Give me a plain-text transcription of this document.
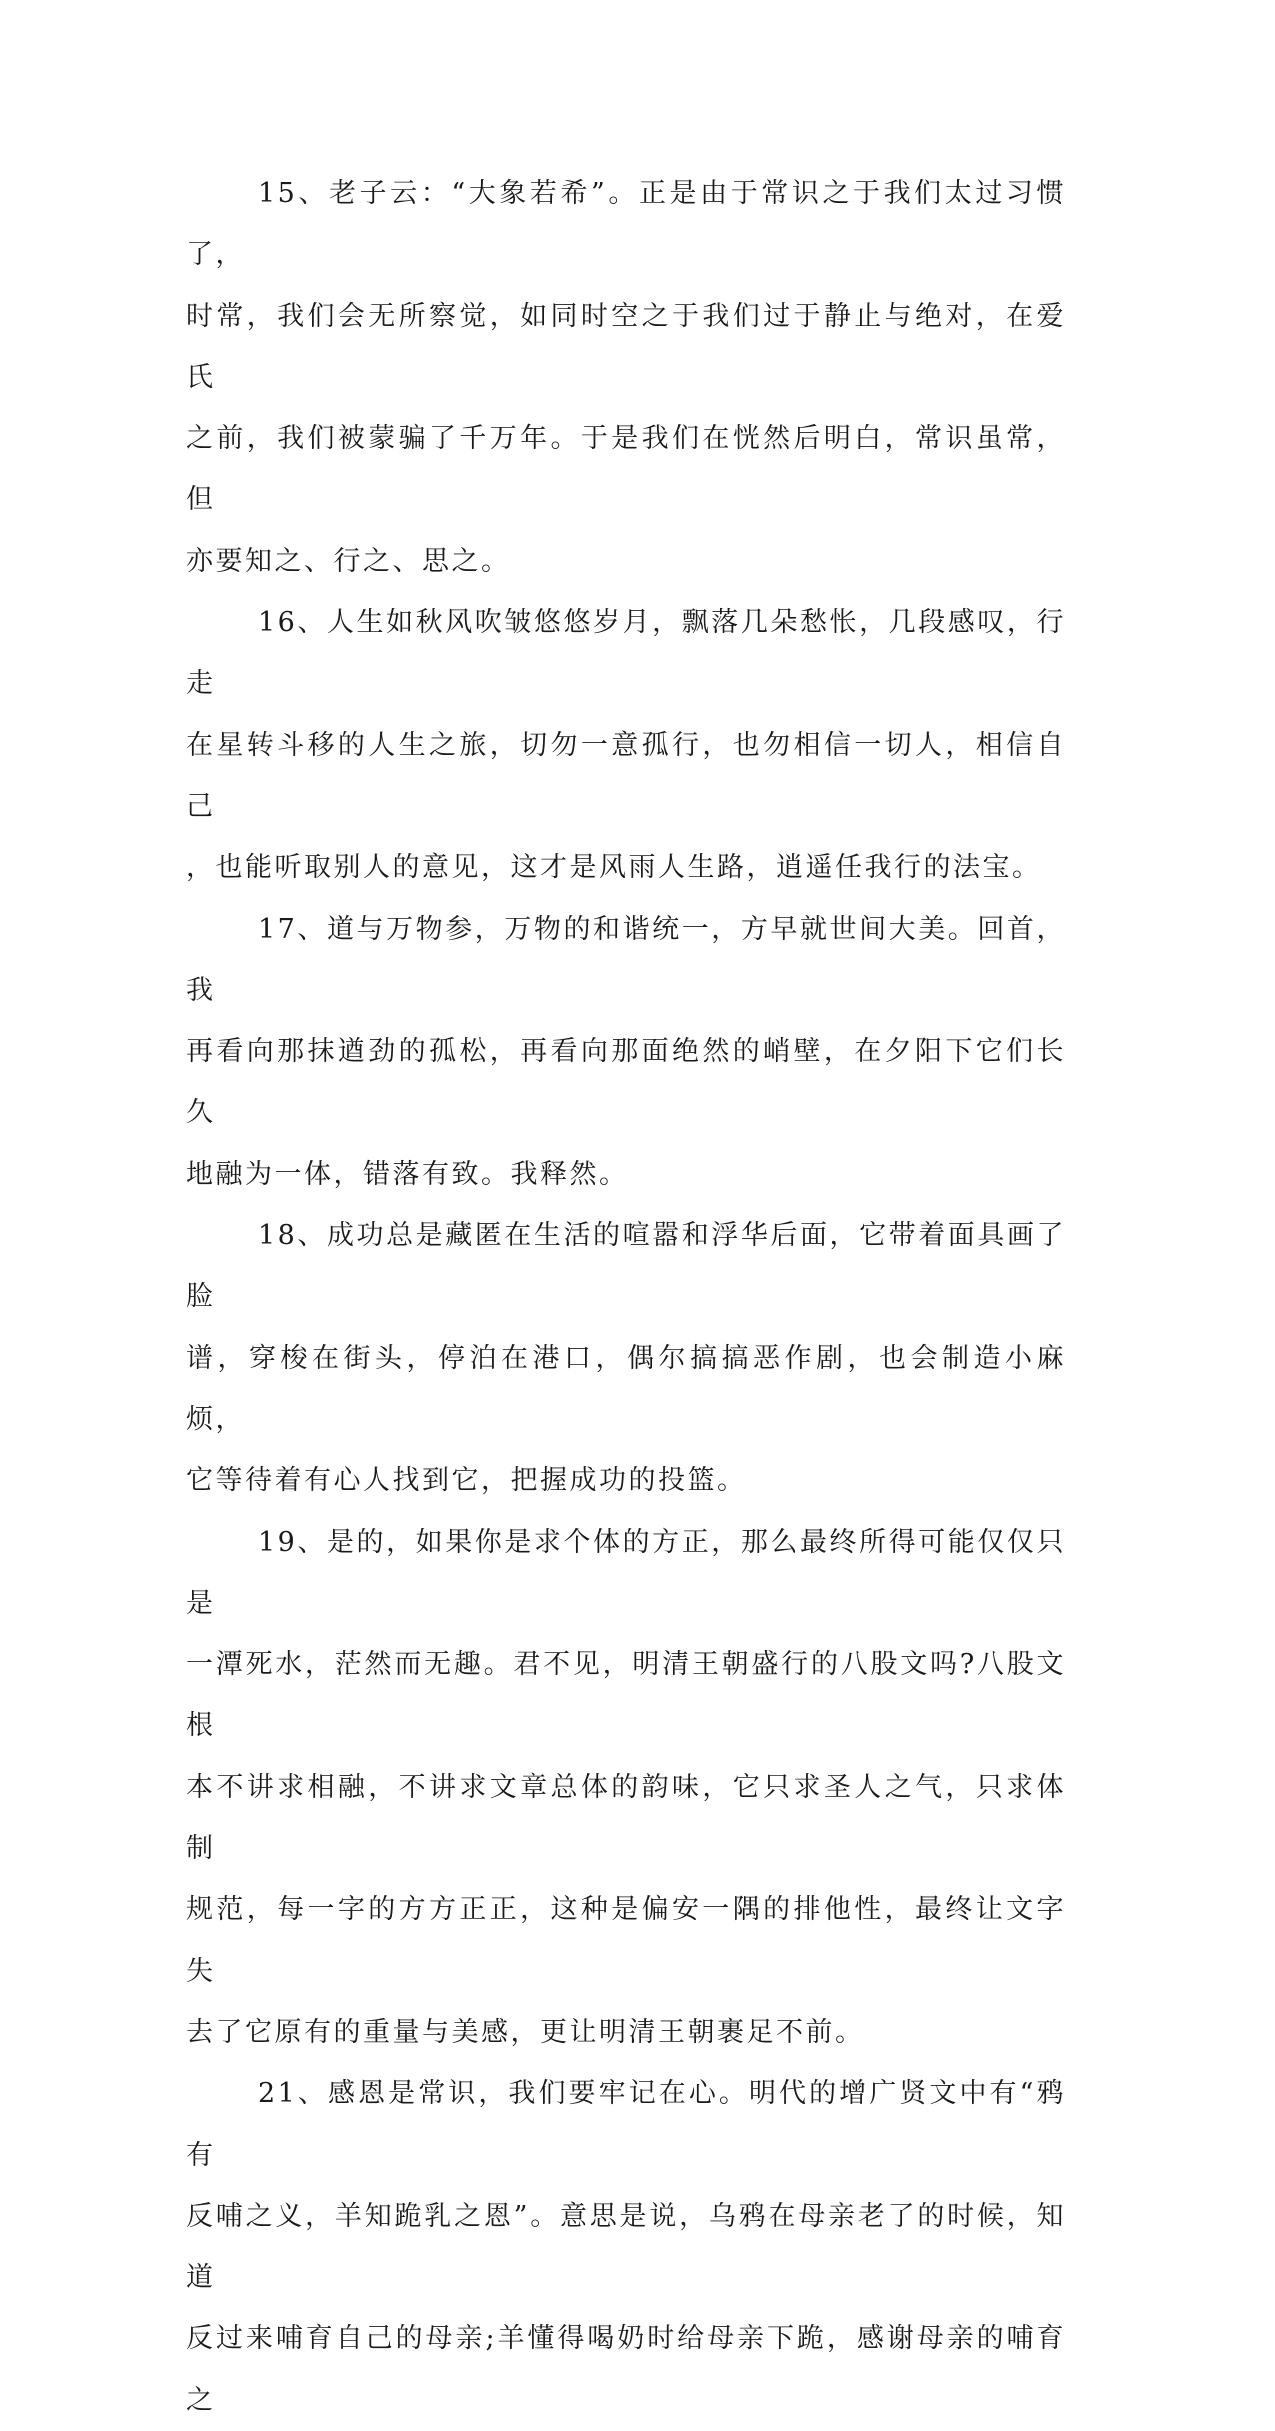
15、老子云：“大象若希”。正是由于常识之于我们太过习惯了，
时常，我们会无所察觉，如同时空之于我们过于静止与绝对，在爱氏
之前，我们被蒙骗了千万年。于是我们在恍然后明白，常识虽常，但
亦要知之、行之、思之。

16、人生如秋风吹皱悠悠岁月，飘落几朵愁怅，几段感叹，行走
在星转斗移的人生之旅，切勿一意孤行，也勿相信一切人，相信自己
，也能听取别人的意见，这才是风雨人生路，逍遥任我行的法宝。

17、道与万物参，万物的和谐统一，方早就世间大美。回首，我
再看向那抹遒劲的孤松，再看向那面绝然的峭壁，在夕阳下它们长久
地融为一体，错落有致。我释然。

18、成功总是藏匿在生活的喧嚣和浮华后面，它带着面具画了脸
谱，穿梭在街头，停泊在港口，偶尔搞搞恶作剧，也会制造小麻烦，
它等待着有心人找到它，把握成功的投篮。

19、是的，如果你是求个体的方正，那么最终所得可能仅仅只是
一潭死水，茫然而无趣。君不见，明清王朝盛行的八股文吗?八股文根
本不讲求相融，不讲求文章总体的韵味，它只求圣人之气，只求体制
规范，每一字的方方正正，这种是偏安一隅的排他性，最终让文字失
去了它原有的重量与美感，更让明清王朝裹足不前。

21、感恩是常识，我们要牢记在心。明代的增广贤文中有“鸦有
反哺之义，羊知跪乳之恩”。意思是说，乌鸦在母亲老了的时候，知道
反过来哺育自己的母亲;羊懂得喝奶时给母亲下跪，感谢母亲的哺育之
